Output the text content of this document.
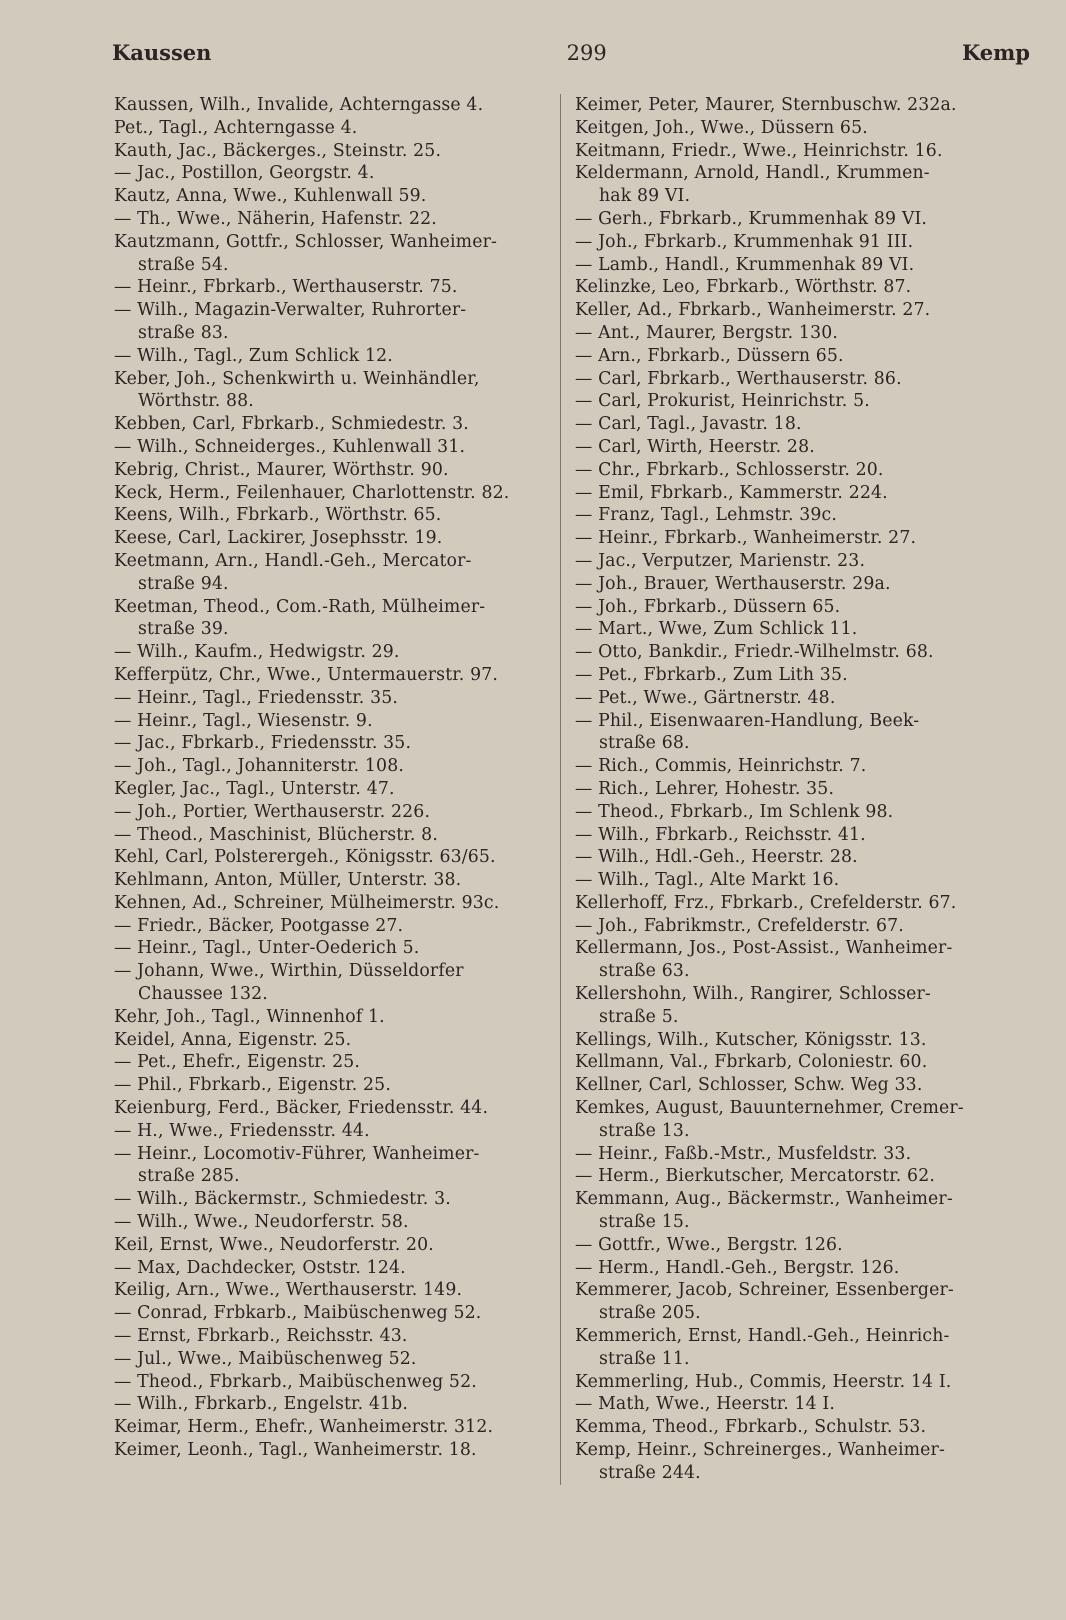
Kaussen	299	Kemp
Kaussen, Wilh., Invalide, Achterngasse 4.
Pet., Tagl., Achterngasse 4.
Kauth, Jac., Bäckerges., Steinstr. 25.
— Jac., Postillon, Georgstr. 4.
Kautz, Anna, Wwe., Kuhlenwall 59.
— Th., Wwe., Näherin, Hafenstr. 22.
Kautzmann, Gottfr., Schlosser, Wanheimer-
straße 54.
— Heinr., Fbrkarb., Werthauserstr. 75.
— Wilh., Magazin-Verwalter, Ruhrorter-
straße 83.
— Wilh., Tagl., Zum Schlick 12.
Keber, Joh., Schenkwirth u. Weinhändler,
Wörthstr. 88.
Kebben, Carl, Fbrkarb., Schmiedestr. 3.
— Wilh., Schneiderges., Kuhlenwall 31.
Kebrig, Christ., Maurer, Wörthstr. 90.
Keck, Herm., Feilenhauer, Charlottenstr. 82.
Keens, Wilh., Fbrkarb., Wörthstr. 65.
Keese, Carl, Lackirer, Josephsstr. 19.
Keetmann, Arn., Handl.-Geh., Mercator-
straße 94.
Keetman, Theod., Com.-Rath, Mülheimer-
straße 39.
— Wilh., Kaufm., Hedwigstr. 29.
Kefferpütz, Chr., Wwe., Untermauerstr. 97.
— Heinr., Tagl., Friedensstr. 35.
— Heinr., Tagl., Wiesenstr. 9.
— Jac., Fbrkarb., Friedensstr. 35.
— Joh., Tagl., Johanniterstr. 108.
Kegler, Jac., Tagl., Unterstr. 47.
— Joh., Portier, Werthauserstr. 226.
— Theod., Maschinist, Blücherstr. 8.
Kehl, Carl, Polsterergeh., Königsstr. 63/65.
Kehlmann, Anton, Müller, Unterstr. 38.
Kehnen, Ad., Schreiner, Mülheimerstr. 93c.
— Friedr., Bäcker, Pootgasse 27.
— Heinr., Tagl., Unter-Oederich 5.
— Johann, Wwe., Wirthin, Düsseldorfer
Chaussee 132.
Kehr, Joh., Tagl., Winnenhof 1.
Keidel, Anna, Eigenstr. 25.
— Pet., Ehefr., Eigenstr. 25.
— Phil., Fbrkarb., Eigenstr. 25.
Keienburg, Ferd., Bäcker, Friedensstr. 44.
— H., Wwe., Friedensstr. 44.
— Heinr., Locomotiv-Führer, Wanheimer-
straße 285.
— Wilh., Bäckermstr., Schmiedestr. 3.
— Wilh., Wwe., Neudorferstr. 58.
Keil, Ernst, Wwe., Neudorferstr. 20.
— Max, Dachdecker, Oststr. 124.
Keilig, Arn., Wwe., Werthauserstr. 149.
— Conrad, Frbkarb., Maibüschenweg 52.
— Ernst, Fbrkarb., Reichsstr. 43.
— Jul., Wwe., Maibüschenweg 52.
— Theod., Fbrkarb., Maibüschenweg 52.
— Wilh., Fbrkarb., Engelstr. 41b.
Keimar, Herm., Ehefr., Wanheimerstr. 312.
Keimer, Leonh., Tagl., Wanheimerstr. 18.
Keimer, Peter, Maurer, Sternbuschw. 232a.
Keitgen, Joh., Wwe., Düssern 65.
Keitmann, Friedr., Wwe., Heinrichstr. 16.
Keldermann, Arnold, Handl., Krummen-
hak 89 VI.
— Gerh., Fbrkarb., Krummenhak 89 VI.
— Joh., Fbrkarb., Krummenhak 91 III.
— Lamb., Handl., Krummenhak 89 VI.
Kelinzke, Leo, Fbrkarb., Wörthstr. 87.
Keller, Ad., Fbrkarb., Wanheimerstr. 27.
— Ant., Maurer, Bergstr. 130.
— Arn., Fbrkarb., Düssern 65.
— Carl, Fbrkarb., Werthauserstr. 86.
— Carl, Prokurist, Heinrichstr. 5.
— Carl, Tagl., Javastr. 18.
— Carl, Wirth, Heerstr. 28.
— Chr., Fbrkarb., Schlosserstr. 20.
— Emil, Fbrkarb., Kammerstr. 224.
— Franz, Tagl., Lehmstr. 39c.
— Heinr., Fbrkarb., Wanheimerstr. 27.
— Jac., Verputzer, Marienstr. 23.
— Joh., Brauer, Werthauserstr. 29a.
— Joh., Fbrkarb., Düssern 65.
— Mart., Wwe, Zum Schlick 11.
— Otto, Bankdir., Friedr.-Wilhelmstr. 68.
— Pet., Fbrkarb., Zum Lith 35.
— Pet., Wwe., Gärtnerstr. 48.
— Phil., Eisenwaaren-Handlung, Beek-
straße 68.
— Rich., Commis, Heinrichstr. 7.
— Rich., Lehrer, Hohestr. 35.
— Theod., Fbrkarb., Im Schlenk 98.
— Wilh., Fbrkarb., Reichsstr. 41.
— Wilh., Hdl.-Geh., Heerstr. 28.
— Wilh., Tagl., Alte Markt 16.
Kellerhoff, Frz., Fbrkarb., Crefelderstr. 67.
— Joh., Fabrikmstr., Crefelderstr. 67.
Kellermann, Jos., Post-Assist., Wanheimer-
straße 63.
Kellershohn, Wilh., Rangirer, Schlosser-
straße 5.
Kellings, Wilh., Kutscher, Königsstr. 13.
Kellmann, Val., Fbrkarb, Coloniestr. 60.
Kellner, Carl, Schlosser, Schw. Weg 33.
Kemkes, August, Bauunternehmer, Cremer-
straße 13.
— Heinr., Faßb.-Mstr., Musfeldstr. 33.
— Herm., Bierkutscher, Mercatorstr. 62.
Kemmann, Aug., Bäckermstr., Wanheimer-
straße 15.
— Gottfr., Wwe., Bergstr. 126.
— Herm., Handl.-Geh., Bergstr. 126.
Kemmerer, Jacob, Schreiner, Essenberger-
straße 205.
Kemmerich, Ernst, Handl.-Geh., Heinrich-
straße 11.
Kemmerling, Hub., Commis, Heerstr. 14 I.
— Math, Wwe., Heerstr. 14 I.
Kemma, Theod., Fbrkarb., Schulstr. 53.
Kemp, Heinr., Schreinerges., Wanheimer-
straße 244.
